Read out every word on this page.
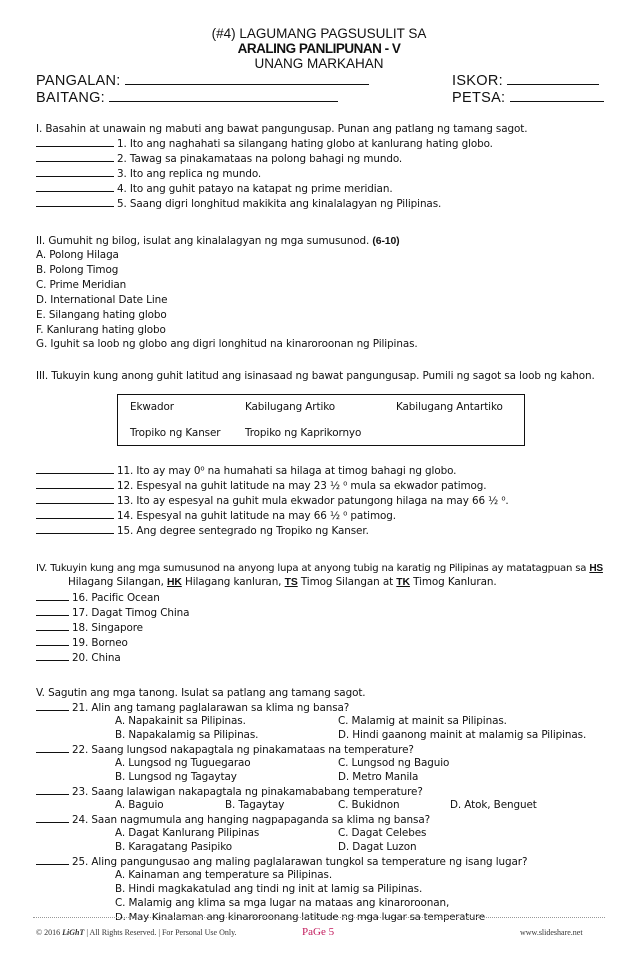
(#4) LAGUMANG PAGSUSULIT SA
ARALING PANLIPUNAN - V
UNANG MARKAHAN
PANGALAN:	ISKOR:
BAITANG:	PETSA:
I. Basahin at unawain ng mabuti ang bawat pangungusap. Punan ang patlang ng tamang sagot.
1. Ito ang naghahati sa silangang hating globo at kanlurang hating globo.
2. Tawag sa pinakamataas na polong bahagi ng mundo.
3. Ito ang replica ng mundo.
4. Ito ang guhit patayo na katapat ng prime meridian.
5. Saang digri longhitud makikita ang kinalalagyan ng Pilipinas.
II. Gumuhit ng bilog, isulat ang kinalalagyan ng mga sumusunod. (6-10)
A. Polong Hilaga
B. Polong Timog
C. Prime Meridian
D. International Date Line
E. Silangang hating globo
F. Kanlurang hating globo
G. Iguhit sa loob ng globo ang digri longhitud na kinaroroonan ng Pilipinas.
III. Tukuyin kung anong guhit latitud ang isinasaad ng bawat pangungusap. Pumili ng sagot sa loob ng kahon.
Ekwador	Kabilugang Artiko	Kabilugang Antartiko
Tropiko ng Kanser Tropiko ng Kaprikornyo
11. Ito ay may 0⁰ na humahati sa hilaga at timog bahagi ng globo.
12. Espesyal na guhit latitude na may 23 ½ ⁰ mula sa ekwador patimog.
13. Ito ay espesyal na guhit mula ekwador patungong hilaga na may 66 ½ ⁰.
14. Espesyal na guhit latitude na may 66 ½ ⁰ patimog.
15. Ang degree sentegrado ng Tropiko ng Kanser.
IV. Tukuyin kung ang mga sumusunod na anyong lupa at anyong tubig na karatig ng Pilipinas ay matatagpuan sa HS
Hilagang Silangan, HK Hilagang kanluran, TS Timog Silangan at TK Timog Kanluran.
16. Pacific Ocean
17. Dagat Timog China
18. Singapore
19. Borneo
20. China
V. Sagutin ang mga tanong. Isulat sa patlang ang tamang sagot.
21. Alin ang tamang paglalarawan sa klima ng bansa?
A. Napakainit sa Pilipinas.	C. Malamig at mainit sa Pilipinas.
B. Napakalamig sa Pilipinas.	D. Hindi gaanong mainit at malamig sa Pilipinas.
22. Saang lungsod nakapagtala ng pinakamataas na temperature?
A. Lungsod ng Tuguegarao	C. Lungsod ng Baguio
B. Lungsod ng Tagaytay	D. Metro Manila
23. Saang lalawigan nakapagtala ng pinakamababang temperature?
A. Baguio	B. Tagaytay	C. Bukidnon	D. Atok, Benguet
24. Saan nagmumula ang hanging nagpapaganda sa klima ng bansa?
A. Dagat Kanlurang Pilipinas	C. Dagat Celebes
B. Karagatang Pasipiko	D. Dagat Luzon
25. Aling pangungusao ang maling paglalarawan tungkol sa temperature ng isang lugar?
A. Kainaman ang temperature sa Pilipinas.
B. Hindi magkakatulad ang tindi ng init at lamig sa Pilipinas.
C. Malamig ang klima sa mga lugar na mataas ang kinaroroonan,
D. May Kinalaman ang kinaroroonang latitude ng mga lugar sa temperature
© 2016 LiGhT | All Rights Reserved. | For Personal Use Only.	PaGe 5	www.slideshare.net
